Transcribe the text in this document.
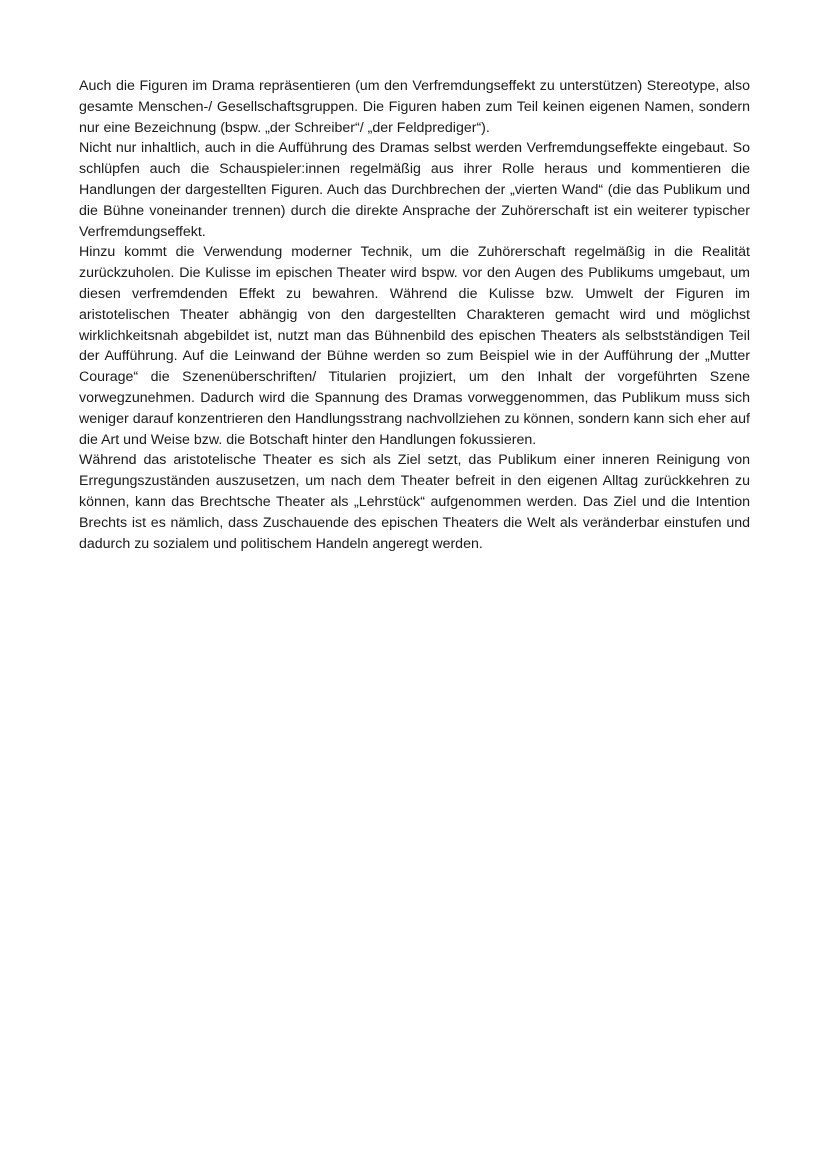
Auch die Figuren im Drama repräsentieren (um den Verfremdungseffekt zu unterstützen) Stereotype, also gesamte Menschen-/ Gesellschaftsgruppen. Die Figuren haben zum Teil keinen eigenen Namen, sondern nur eine Bezeichnung (bspw. „der Schreiber“/ „der Feldprediger“).

Nicht nur inhaltlich, auch in die Aufführung des Dramas selbst werden Verfremdungseffekte eingebaut. So schlüpfen auch die Schauspieler:innen regelmäßig aus ihrer Rolle heraus und kommentieren die Handlungen der dargestellten Figuren. Auch das Durchbrechen der „vierten Wand“ (die das Publikum und die Bühne voneinander trennen) durch die direkte Ansprache der Zuhörerschaft ist ein weiterer typischer Verfremdungseffekt.

Hinzu kommt die Verwendung moderner Technik, um die Zuhörerschaft regelmäßig in die Realität zurückzuholen. Die Kulisse im epischen Theater wird bspw. vor den Augen des Publikums umgebaut, um diesen verfremdenden Effekt zu bewahren. Während die Kulisse bzw. Umwelt der Figuren im aristotelischen Theater abhängig von den dargestellten Charakteren gemacht wird und möglichst wirklichkeitsnah abgebildet ist, nutzt man das Bühnenbild des epischen Theaters als selbstständigen Teil der Aufführung. Auf die Leinwand der Bühne werden so zum Beispiel wie in der Aufführung der „Mutter Courage“ die Szenenüberschriften/ Titularien projiziert, um den Inhalt der vorgeführten Szene vorwegzunehmen. Dadurch wird die Spannung des Dramas vorweggenommen, das Publikum muss sich weniger darauf konzentrieren den Handlungsstrang nachvollziehen zu können, sondern kann sich eher auf die Art und Weise bzw. die Botschaft hinter den Handlungen fokussieren.

Während das aristotelische Theater es sich als Ziel setzt, das Publikum einer inneren Reinigung von Erregungszuständen auszusetzen, um nach dem Theater befreit in den eigenen Alltag zurückkehren zu können, kann das Brechtsche Theater als „Lehrstück“ aufgenommen werden. Das Ziel und die Intention Brechts ist es nämlich, dass Zuschauende des epischen Theaters die Welt als veränderbar einstufen und dadurch zu sozialem und politischem Handeln angeregt werden.
